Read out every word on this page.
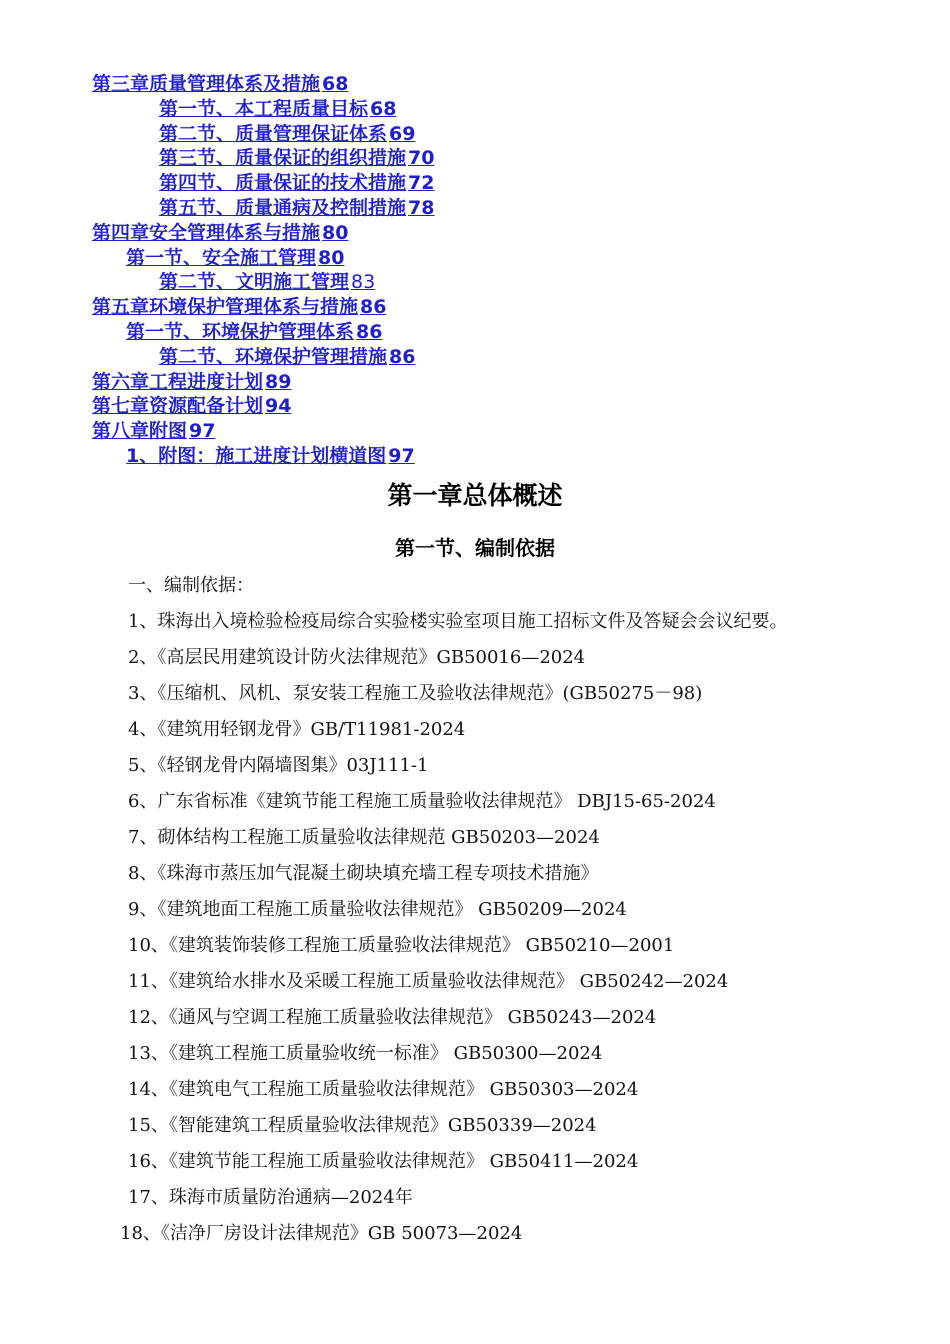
第三章质量管理体系及措施 68
第一节、本工程质量目标 68
第二节、质量管理保证体系 69
第三节、质量保证的组织措施 70
第四节、质量保证的技术措施 72
第五节、质量通病及控制措施 78
第四章安全管理体系与措施 80
第一节、安全施工管理 80
第二节、文明施工管理 83
第五章环境保护管理体系与措施 86
第一节、环境保护管理体系 86
第二节、环境保护管理措施 86
第六章工程进度计划 89
第七章资源配备计划 94
第八章附图 97
1、附图：施工进度计划横道图 97
第一章总体概述
第一节、编制依据
一、编制依据：
1、珠海出入境检验检疫局综合实验楼实验室项目施工招标文件及答疑会会议纪要。
2、《高层民用建筑设计防火法律规范》GB50016—2024
3、《压缩机、风机、泵安装工程施工及验收法律规范》(GB50275－98)
4、《建筑用轻钢龙骨》GB/T11981-2024
5、《轻钢龙骨内隔墙图集》03J111-1
6、广东省标准《建筑节能工程施工质量验收法律规范》 DBJ15-65-2024
7、砌体结构工程施工质量验收法律规范 GB50203—2024
8、《珠海市蒸压加气混凝土砌块填充墙工程专项技术措施》
9、《建筑地面工程施工质量验收法律规范》 GB50209—2024
10、《建筑装饰装修工程施工质量验收法律规范》 GB50210—2001
11、《建筑给水排水及采暖工程施工质量验收法律规范》 GB50242—2024
12、《通风与空调工程施工质量验收法律规范》 GB50243—2024
13、《建筑工程施工质量验收统一标准》 GB50300—2024
14、《建筑电气工程施工质量验收法律规范》 GB50303—2024
15、《智能建筑工程质量验收法律规范》GB50339—2024
16、《建筑节能工程施工质量验收法律规范》 GB50411—2024
17、珠海市质量防治通病—2024年
18、《洁净厂房设计法律规范》GB 50073—2024
